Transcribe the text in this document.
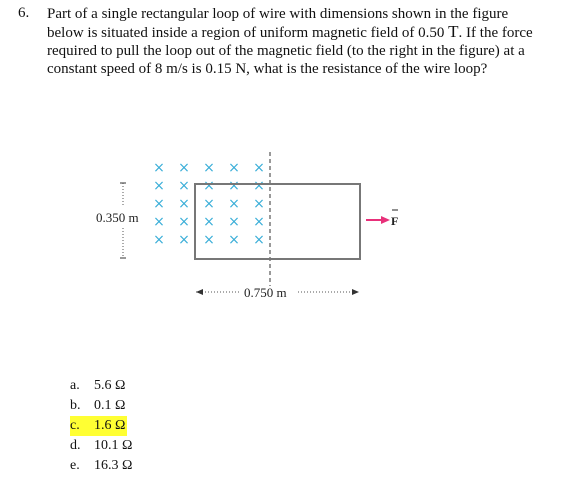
6. Part of a single rectangular loop of wire with dimensions shown in the figure
below is situated inside a region of uniform magnetic field of 0.50 T. If the force
required to pull the loop out of the magnetic field (to the right in the figure) at a
constant speed of 8 m/s is 0.15 N, what is the resistance of the wire loop?
× × × × ×
× × × × ×
× × × × ×
× × × × ×
× × × × ×
0.350 m
0.750 m
F
a. 5.6 Ω
b. 0.1 Ω
c. 1.6 Ω
d. 10.1 Ω
e. 16.3 Ω
